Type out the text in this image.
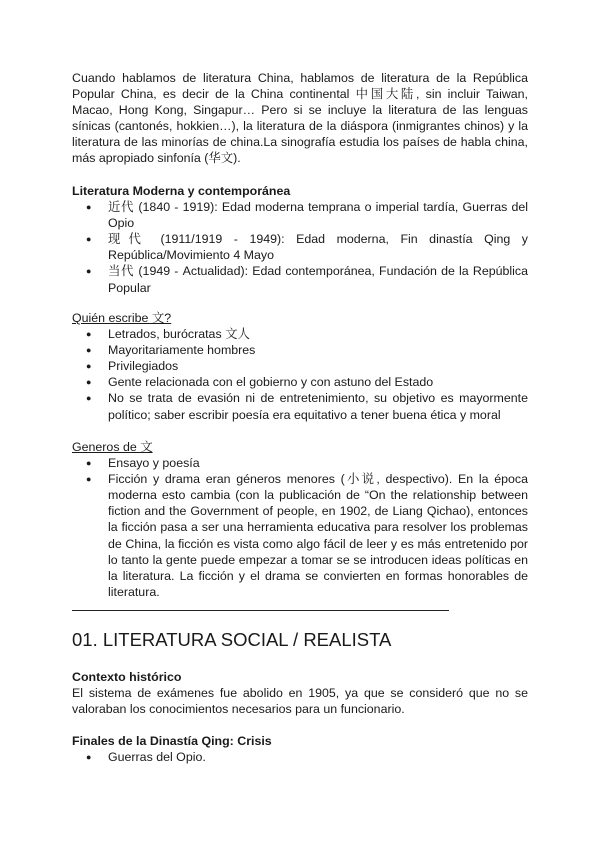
Cuando hablamos de literatura China, hablamos de literatura de la República Popular China, es decir de la China continental 中国大陆, sin incluir Taiwan, Macao, Hong Kong, Singapur… Pero si se incluye la literatura de las lenguas sínicas (cantonés, hokkien…), la literatura de la diáspora (inmigrantes chinos) y la literatura de las minorías de china.La sinografía estudia los países de habla china, más apropiado sinfonía (华文).

Literatura Moderna y contemporánea

● 近代 (1840 - 1919): Edad moderna temprana o imperial tardía, Guerras del Opio
● 现代 (1911/1919 - 1949): Edad moderna, Fin dinastía Qing y República/Movimiento 4 Mayo
● 当代 (1949 - Actualidad): Edad contemporánea, Fundación de la República Popular

Quién escribe 文?

● Letrados, burócratas 文人
● Mayoritariamente hombres
● Privilegiados
● Gente relacionada con el gobierno y con astuno del Estado
● No se trata de evasión ni de entretenimiento, su objetivo es mayormente político; saber escribir poesía era equitativo a tener buena ética y moral

Generos de 文

● Ensayo y poesía
● Ficción y drama eran géneros menores (小说, despectivo). En la época moderna esto cambia (con la publicación de “On the relationship between fiction and the Government of people, en 1902, de Liang Qichao), entonces la ficción pasa a ser una herramienta educativa para resolver los problemas de China, la ficción es vista como algo fácil de leer y es más entretenido por lo tanto la gente puede empezar a tomar se se introducen ideas políticas en la literatura. La ficción y el drama se convierten en formas honorables de literatura.
01. LITERATURA SOCIAL / REALISTA

Contexto histórico

El sistema de exámenes fue abolido en 1905, ya que se consideró que no se valoraban los conocimientos necesarios para un funcionario.

Finales de la Dinastía Qing: Crisis

● Guerras del Opio.
